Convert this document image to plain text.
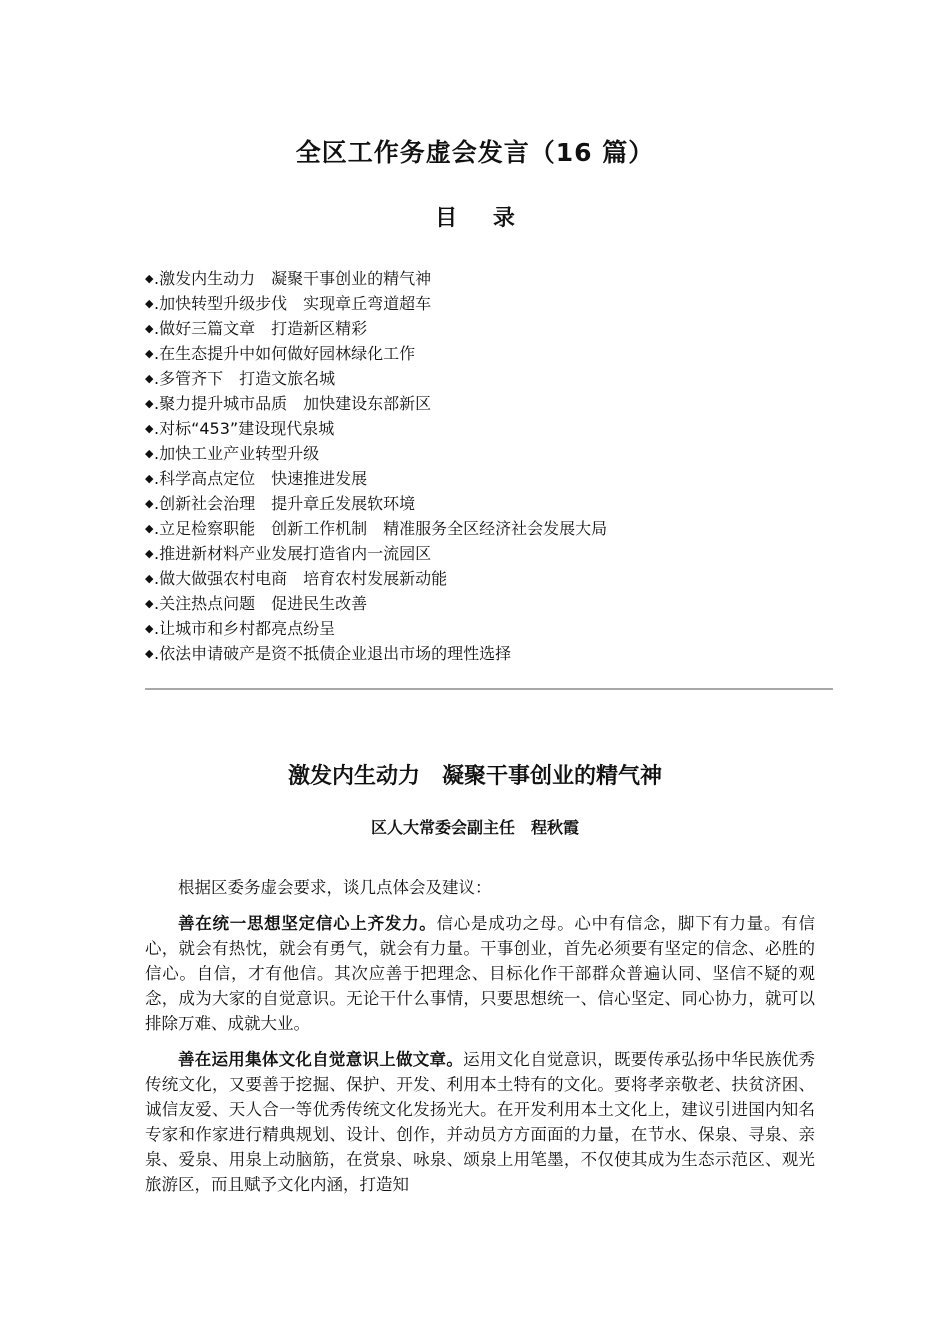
全区工作务虚会发言（16 篇）
目 录
◆ .激发内生动力　凝聚干事创业的精气神
◆ .加快转型升级步伐　实现章丘弯道超车
◆ .做好三篇文章　打造新区精彩
◆ .在生态提升中如何做好园林绿化工作
◆ .多管齐下　打造文旅名城
◆ .聚力提升城市品质　加快建设东部新区
◆ .对标“453”建设现代泉城
◆ .加快工业产业转型升级
◆ .科学高点定位　快速推进发展
◆ .创新社会治理　提升章丘发展软环境
◆ .立足检察职能　创新工作机制　精准服务全区经济社会发展大局
◆ .推进新材料产业发展打造省内一流园区
◆ .做大做强农村电商　培育农村发展新动能
◆ .关注热点问题　促进民生改善
◆ .让城市和乡村都亮点纷呈
◆ .依法申请破产是资不抵债企业退出市场的理性选择
激发内生动力　凝聚干事创业的精气神
区人大常委会副主任　程秋霞

根据区委务虚会要求，谈几点体会及建议：

善在统一思想坚定信心上齐发力。信心是成功之母。心中有信念，脚下有力量。有信心，就会有热忱，就会有勇气，就会有力量。干事创业，首先必须要有坚定的信念、必胜的信心。自信，才有他信。其次应善于把理念、目标化作干部群众普遍认同、坚信不疑的观念，成为大家的自觉意识。无论干什么事情，只要思想统一、信心坚定、同心协力，就可以排除万难、成就大业。

善在运用集体文化自觉意识上做文章。运用文化自觉意识，既要传承弘扬中华民族优秀传统文化，又要善于挖掘、保护、开发、利用本土特有的文化。要将孝亲敬老、扶贫济困、诚信友爱、天人合一等优秀传统文化发扬光大。在开发利用本土文化上，建议引进国内知名专家和作家进行精典规划、设计、创作，并动员方方面面的力量，在节水、保泉、寻泉、亲泉、爱泉、用泉上动脑筋，在赏泉、咏泉、颂泉上用笔墨，不仅使其成为生态示范区、观光旅游区，而且赋予文化内涵，打造知
